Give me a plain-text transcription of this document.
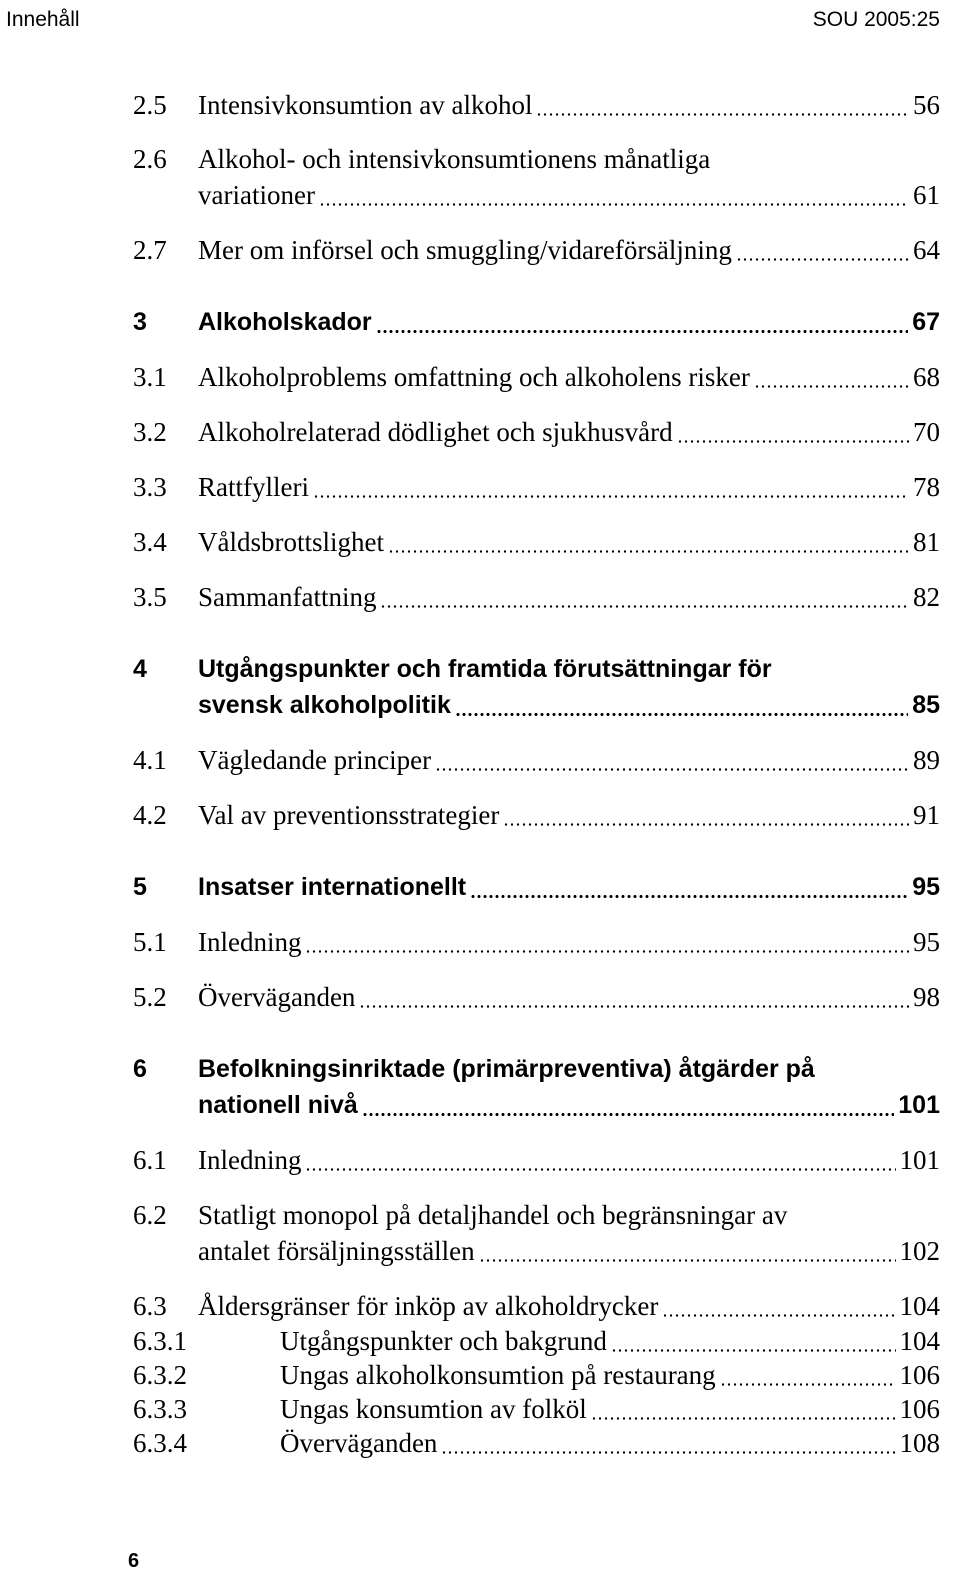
Innehåll	SOU 2005:25
2.5 Intensivkonsumtion av alkohol	56
2.6 Alkohol- och intensivkonsumtionens månatliga
variationer	61
2.7 Mer om införsel och smuggling/vidareförsäljning	64
3 Alkoholskador	67
3.1 Alkoholproblems omfattning och alkoholens risker	68
3.2 Alkoholrelaterad dödlighet och sjukhusvård	70
3.3 Rattfylleri	78
3.4 Våldsbrottslighet	81
3.5 Sammanfattning	82
4 Utgångspunkter och framtida förutsättningar för
svensk alkoholpolitik	85
4.1 Vägledande principer	89
4.2 Val av preventionsstrategier	91
5 Insatser internationellt	95
5.1 Inledning	95
5.2 Överväganden	98
6 Befolkningsinriktade (primärpreventiva) åtgärder på
nationell nivå	101
6.1 Inledning	101
6.2 Statligt monopol på detaljhandel och begränsningar av
antalet försäljningsställen	102
6.3 Åldersgränser för inköp av alkoholdrycker	104
6.3.1	Utgångspunkter och bakgrund	104
6.3.2	Ungas alkoholkonsumtion på restaurang	106
6.3.3	Ungas konsumtion av folköl	106
6.3.4	Överväganden	108
6
